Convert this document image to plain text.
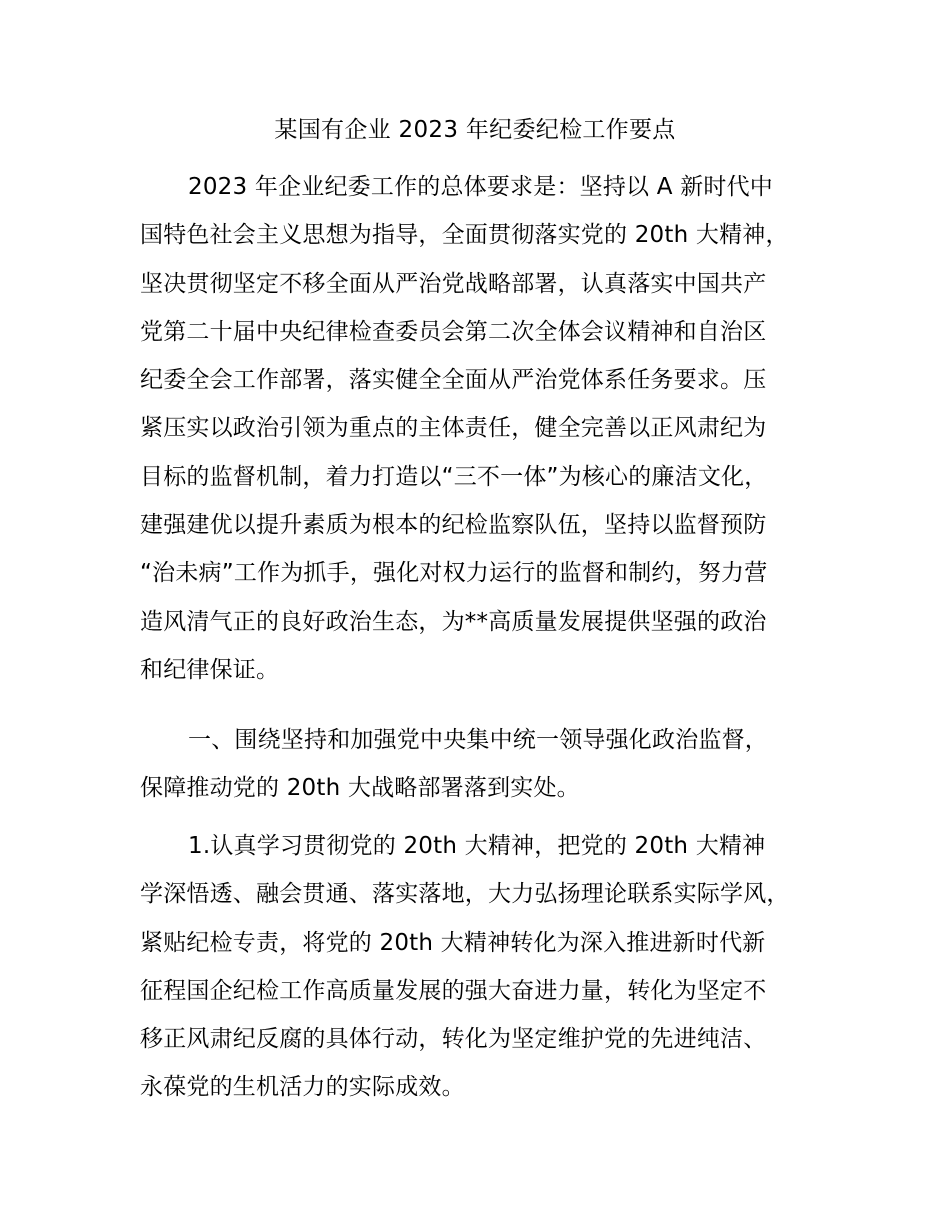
某国有企业 2023 年纪委纪检工作要点
2023 年企业纪委工作的总体要求是：坚持以 A 新时代中
国特色社会主义思想为指导，全面贯彻落实党的 20th 大精神，
坚决贯彻坚定不移全面从严治党战略部署，认真落实中国共产
党第二十届中央纪律检查委员会第二次全体会议精神和自治区
纪委全会工作部署，落实健全全面从严治党体系任务要求。压
紧压实以政治引领为重点的主体责任，健全完善以正风肃纪为
目标的监督机制，着力打造以“三不一体”为核心的廉洁文化，
建强建优以提升素质为根本的纪检监察队伍，坚持以监督预防
“治未病”工作为抓手，强化对权力运行的监督和制约，努力营
造风清气正的良好政治生态，为**高质量发展提供坚强的政治
和纪律保证。
一、围绕坚持和加强党中央集中统一领导强化政治监督，
保障推动党的 20th 大战略部署落到实处。
1.认真学习贯彻党的 20th 大精神，把党的 20th 大精神
学深悟透、融会贯通、落实落地，大力弘扬理论联系实际学风，
紧贴纪检专责，将党的 20th 大精神转化为深入推进新时代新
征程国企纪检工作高质量发展的强大奋进力量，转化为坚定不
移正风肃纪反腐的具体行动，转化为坚定维护党的先进纯洁、
永葆党的生机活力的实际成效。
